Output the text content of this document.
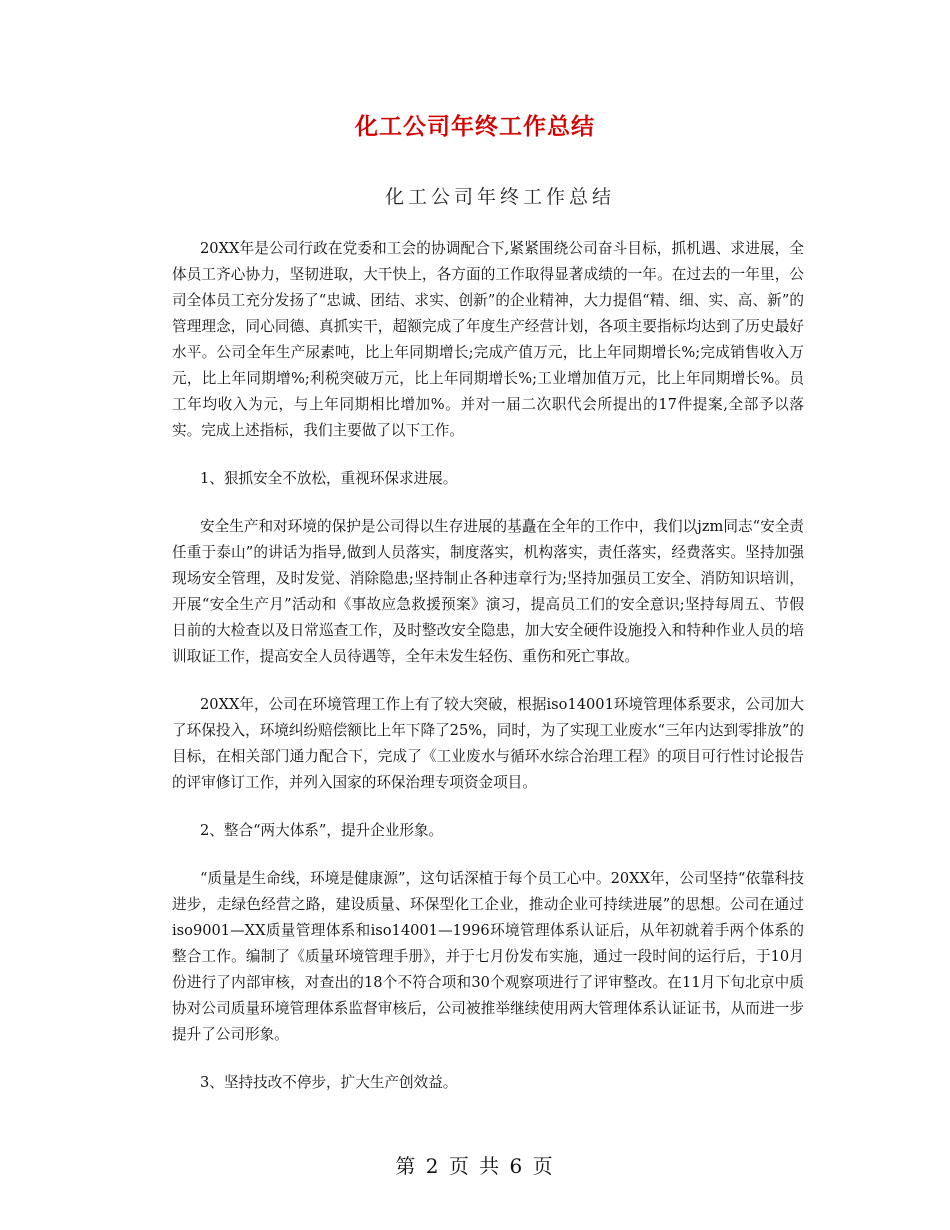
化工公司年终工作总结
化工公司年终工作总结

20XX年是公司行政在党委和工会的协调配合下,紧紧围绕公司奋斗目标，抓机遇、求进展，全体员工齐心协力，坚韧进取，大干快上，各方面的工作取得显著成绩的一年。在过去的一年里，公司全体员工充分发扬了“忠诚、团结、求实、创新”的企业精神，大力提倡“精、细、实、高、新”的管理理念，同心同德、真抓实干，超额完成了年度生产经营计划，各项主要指标均达到了历史最好水平。公司全年生产尿素吨，比上年同期增长;完成产值万元，比上年同期增长%;完成销售收入万元，比上年同期增%;利税突破万元，比上年同期增长%;工业增加值万元，比上年同期增长%。员工年均收入为元，与上年同期相比增加%。并对一届二次职代会所提出的17件提案,全部予以落实。完成上述指标，我们主要做了以下工作。

1、狠抓安全不放松，重视环保求进展。

安全生产和对环境的保护是公司得以生存进展的基矗在全年的工作中，我们以jzm同志“安全责任重于泰山”的讲话为指导,做到人员落实，制度落实，机构落实，责任落实，经费落实。坚持加强现场安全管理，及时发觉、消除隐患;坚持制止各种违章行为;坚持加强员工安全、消防知识培训，开展“安全生产月”活动和《事故应急救援预案》演习，提高员工们的安全意识;坚持每周五、节假日前的大检查以及日常巡查工作，及时整改安全隐患，加大安全硬件设施投入和特种作业人员的培训取证工作，提高安全人员待遇等，全年未发生轻伤、重伤和死亡事故。

20XX年，公司在环境管理工作上有了较大突破，根据iso14001环境管理体系要求，公司加大了环保投入，环境纠纷赔偿额比上年下降了25%，同时，为了实现工业废水“三年内达到零排放”的目标，在相关部门通力配合下，完成了《工业废水与循环水综合治理工程》的项目可行性讨论报告的评审修订工作，并列入国家的环保治理专项资金项目。

2、整合“两大体系”，提升企业形象。

“质量是生命线，环境是健康源”，这句话深植于每个员工心中。20XX年，公司坚持“依靠科技进步，走绿色经营之路，建设质量、环保型化工企业，推动企业可持续进展”的思想。公司在通过iso9001—XX质量管理体系和iso14001—1996环境管理体系认证后，从年初就着手两个体系的整合工作。编制了《质量环境管理手册》，并于七月份发布实施，通过一段时间的运行后，于10月份进行了内部审核，对查出的18个不符合项和30个观察项进行了评审整改。在11月下旬北京中质协对公司质量环境管理体系监督审核后，公司被推举继续使用两大管理体系认证证书，从而进一步提升了公司形象。

3、坚持技改不停步，扩大生产创效益。

第 2 页 共 6 页
